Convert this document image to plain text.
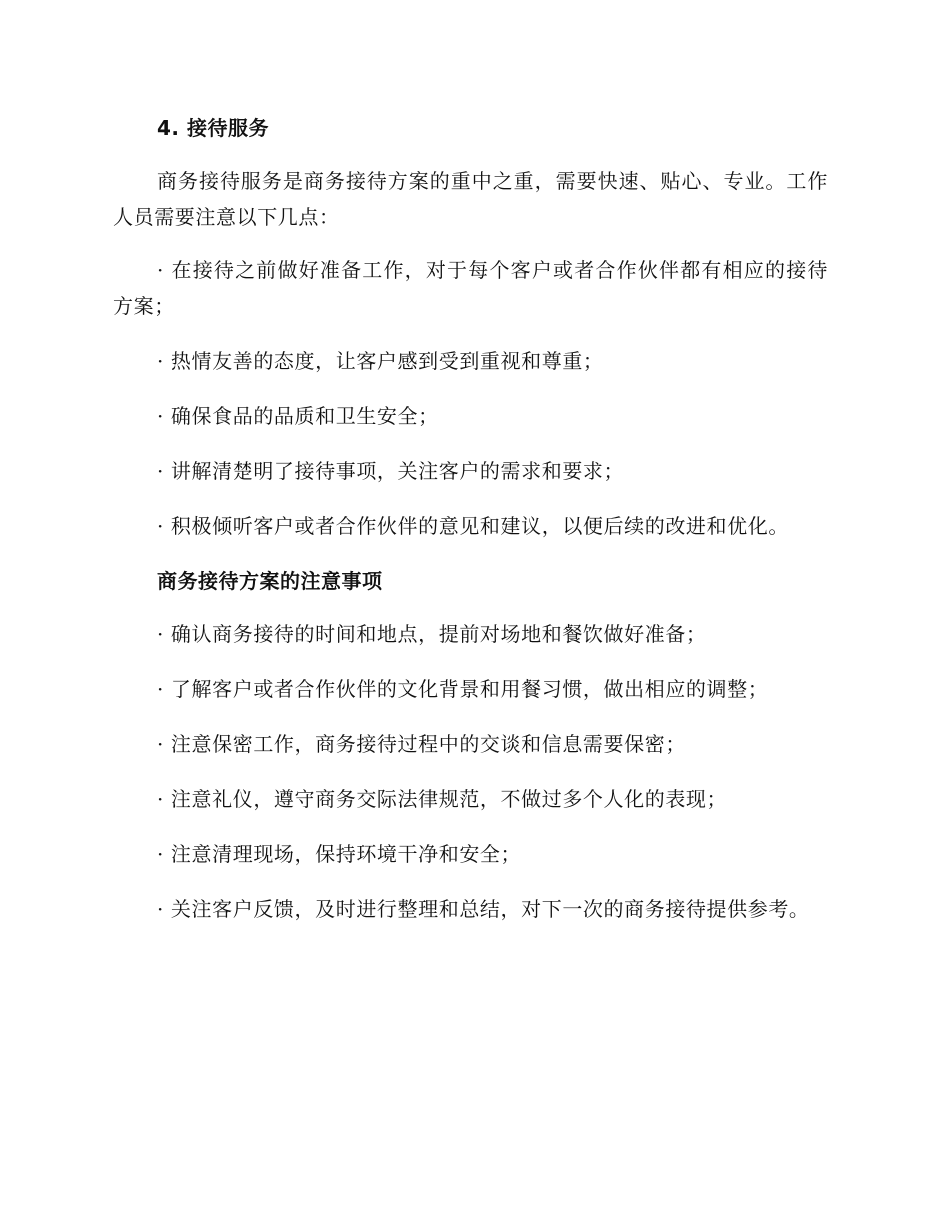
4. 接待服务
商务接待服务是商务接待方案的重中之重，需要快速、贴心、专业。工作人员需要注意以下几点：
· 在接待之前做好准备工作，对于每个客户或者合作伙伴都有相应的接待方案；
· 热情友善的态度，让客户感到受到重视和尊重；
· 确保食品的品质和卫生安全；
· 讲解清楚明了接待事项，关注客户的需求和要求；
· 积极倾听客户或者合作伙伴的意见和建议，以便后续的改进和优化。
商务接待方案的注意事项
· 确认商务接待的时间和地点，提前对场地和餐饮做好准备；
· 了解客户或者合作伙伴的文化背景和用餐习惯，做出相应的调整；
· 注意保密工作，商务接待过程中的交谈和信息需要保密；
· 注意礼仪，遵守商务交际法律规范，不做过多个人化的表现；
· 注意清理现场，保持环境干净和安全；
· 关注客户反馈，及时进行整理和总结，对下一次的商务接待提供参考。
